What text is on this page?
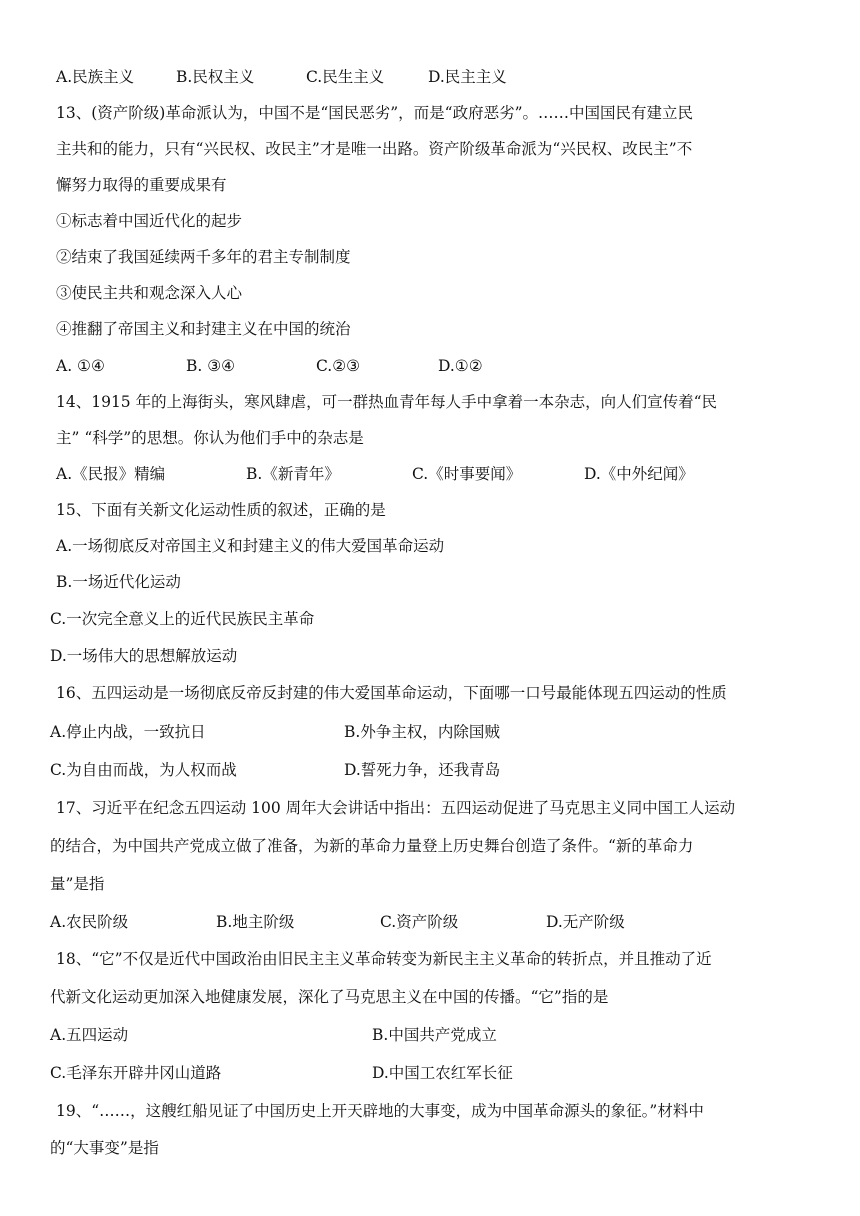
A.民族主义	B.民权主义	C.民生主义	D.民主主义
13、(资产阶级)革命派认为，中国不是“国民恶劣”，而是“政府恶劣”。……中国国民有建立民
主共和的能力，只有“兴民权、改民主”才是唯一出路。资产阶级革命派为“兴民权、改民主”不
懈努力取得的重要成果有
①标志着中国近代化的起步
②结束了我国延续两千多年的君主专制制度
③使民主共和观念深入人心
④推翻了帝国主义和封建主义在中国的统治
A. ①④	B. ③④	C.②③	D.①②
14、1915 年的上海街头，寒风肆虐，可一群热血青年每人手中拿着一本杂志，向人们宣传着“民
主” “科学”的思想。你认为他们手中的杂志是
A.《民报》精编	B.《新青年》	C.《时事要闻》	D.《中外纪闻》
15、下面有关新文化运动性质的叙述，正确的是
A.一场彻底反对帝国主义和封建主义的伟大爱国革命运动
B.一场近代化运动
C.一次完全意义上的近代民族民主革命
D.一场伟大的思想解放运动
16、五四运动是一场彻底反帝反封建的伟大爱国革命运动，下面哪一口号最能体现五四运动的性质
A.停止内战，一致抗日	B.外争主权，内除国贼
C.为自由而战，为人权而战	D.誓死力争，还我青岛
17、习近平在纪念五四运动 100 周年大会讲话中指出：五四运动促进了马克思主义同中国工人运动
的结合，为中国共产党成立做了准备，为新的革命力量登上历史舞台创造了条件。“新的革命力
量”是指
A.农民阶级	B.地主阶级	C.资产阶级	D.无产阶级
18、“它”不仅是近代中国政治由旧民主主义革命转变为新民主主义革命的转折点，并且推动了近
代新文化运动更加深入地健康发展，深化了马克思主义在中国的传播。“它”指的是
A.五四运动	B.中国共产党成立
C.毛泽东开辟井冈山道路	D.中国工农红军长征
19、“……，这艘红船见证了中国历史上开天辟地的大事变，成为中国革命源头的象征。”材料中
的“大事变”是指
